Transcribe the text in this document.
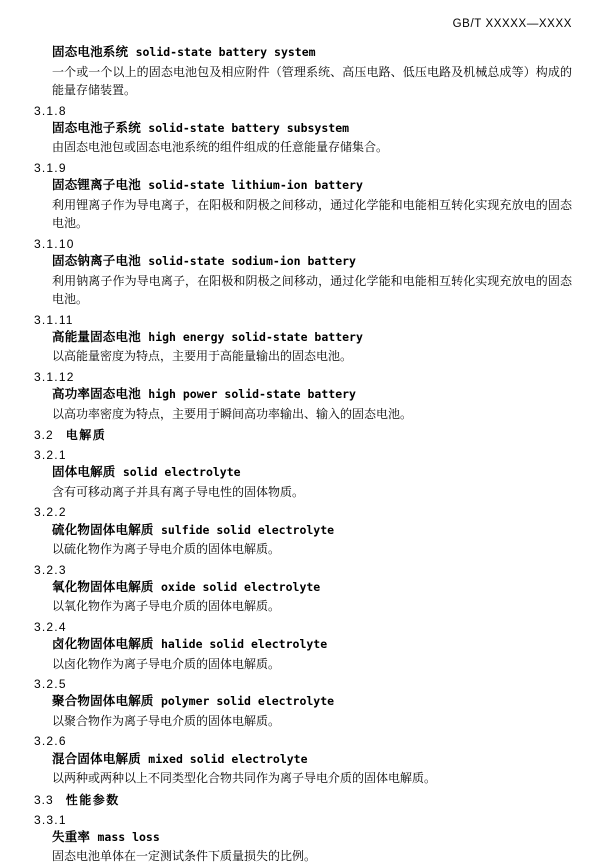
GB/T XXXXX—XXXX
固态电池系统 solid-state battery system
一个或一个以上的固态电池包及相应附件（管理系统、高压电路、低压电路及机械总成等）构成的能量存储装置。
3.1.8
固态电池子系统 solid-state battery subsystem
由固态电池包或固态电池系统的组件组成的任意能量存储集合。
3.1.9
固态锂离子电池 solid-state lithium-ion battery
利用锂离子作为导电离子，在阳极和阴极之间移动，通过化学能和电能相互转化实现充放电的固态电池。
3.1.10
固态钠离子电池 solid-state sodium-ion battery
利用钠离子作为导电离子，在阳极和阴极之间移动，通过化学能和电能相互转化实现充放电的固态电池。
3.1.11
高能量固态电池 high energy solid-state battery
以高能量密度为特点，主要用于高能量输出的固态电池。
3.1.12
高功率固态电池 high power solid-state battery
以高功率密度为特点，主要用于瞬间高功率输出、输入的固态电池。
3.2 电解质
3.2.1
固体电解质 solid electrolyte
含有可移动离子并具有离子导电性的固体物质。
3.2.2
硫化物固体电解质 sulfide solid electrolyte
以硫化物作为离子导电介质的固体电解质。
3.2.3
氧化物固体电解质 oxide solid electrolyte
以氧化物作为离子导电介质的固体电解质。
3.2.4
卤化物固体电解质 halide solid electrolyte
以卤化物作为离子导电介质的固体电解质。
3.2.5
聚合物固体电解质 polymer solid electrolyte
以聚合物作为离子导电介质的固体电解质。
3.2.6
混合固体电解质 mixed solid electrolyte
以两种或两种以上不同类型化合物共同作为离子导电介质的固体电解质。
3.3 性能参数
3.3.1
失重率 mass loss
固态电池单体在一定测试条件下质量损失的比例。
